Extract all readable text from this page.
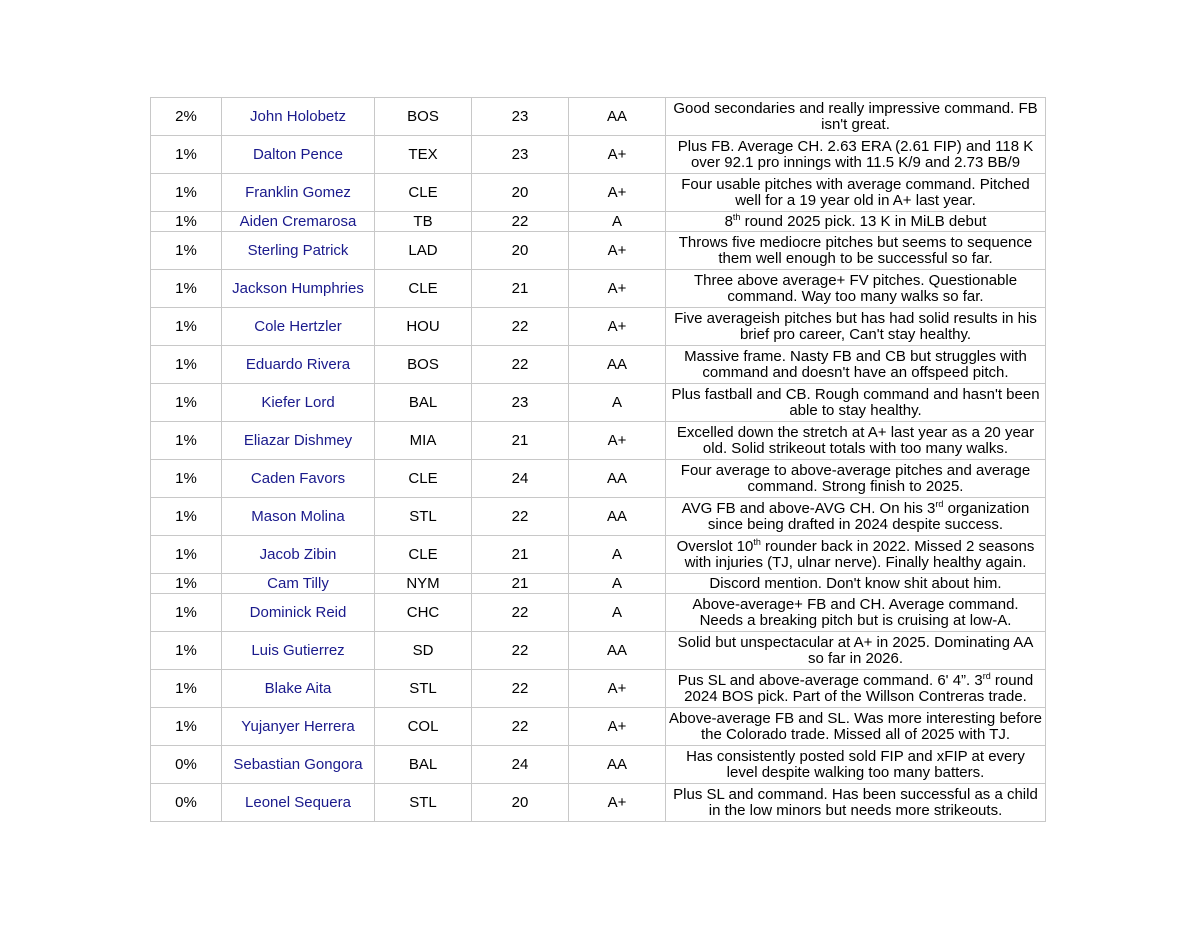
2%	John Holobetz	BOS	23	AA	Good secondaries and really impressive command. FB isn't great.
1%	Dalton Pence	TEX	23	A+	Plus FB. Average CH. 2.63 ERA (2.61 FIP) and 118 K over 92.1 pro innings with 11.5 K/9 and 2.73 BB/9
1%	Franklin Gomez	CLE	20	A+	Four usable pitches with average command. Pitched well for a 19 year old in A+ last year.
1%	Aiden Cremarosa	TB	22	A	8th round 2025 pick. 13 K in MiLB debut
1%	Sterling Patrick	LAD	20	A+	Throws five mediocre pitches but seems to sequence them well enough to be successful so far.
1%	Jackson Humphries	CLE	21	A+	Three above average+ FV pitches. Questionable command. Way too many walks so far.
1%	Cole Hertzler	HOU	22	A+	Five averageish pitches but has had solid results in his brief pro career, Can't stay healthy.
1%	Eduardo Rivera	BOS	22	AA	Massive frame. Nasty FB and CB but struggles with command and doesn't have an offspeed pitch.
1%	Kiefer Lord	BAL	23	A	Plus fastball and CB. Rough command and hasn't been able to stay healthy.
1%	Eliazar Dishmey	MIA	21	A+	Excelled down the stretch at A+ last year as a 20 year old. Solid strikeout totals with too many walks.
1%	Caden Favors	CLE	24	AA	Four average to above-average pitches and average command. Strong finish to 2025.
1%	Mason Molina	STL	22	AA	AVG FB and above-AVG CH. On his 3rd organization since being drafted in 2024 despite success.
1%	Jacob Zibin	CLE	21	A	Overslot 10th rounder back in 2022. Missed 2 seasons with injuries (TJ, ulnar nerve). Finally healthy again.
1%	Cam Tilly	NYM	21	A	Discord mention. Don't know shit about him.
1%	Dominick Reid	CHC	22	A	Above-average+ FB and CH. Average command. Needs a breaking pitch but is cruising at low-A.
1%	Luis Gutierrez	SD	22	AA	Solid but unspectacular at A+ in 2025. Dominating AA so far in 2026.
1%	Blake Aita	STL	22	A+	Pus SL and above-average command. 6' 4”. 3rd round 2024 BOS pick. Part of the Willson Contreras trade.
1%	Yujanyer Herrera	COL	22	A+	Above-average FB and SL. Was more interesting before the Colorado trade. Missed all of 2025 with TJ.
0%	Sebastian Gongora	BAL	24	AA	Has consistently posted sold FIP and xFIP at every level despite walking too many batters.
0%	Leonel Sequera	STL	20	A+	Plus SL and command. Has been successful as a child in the low minors but needs more strikeouts.
